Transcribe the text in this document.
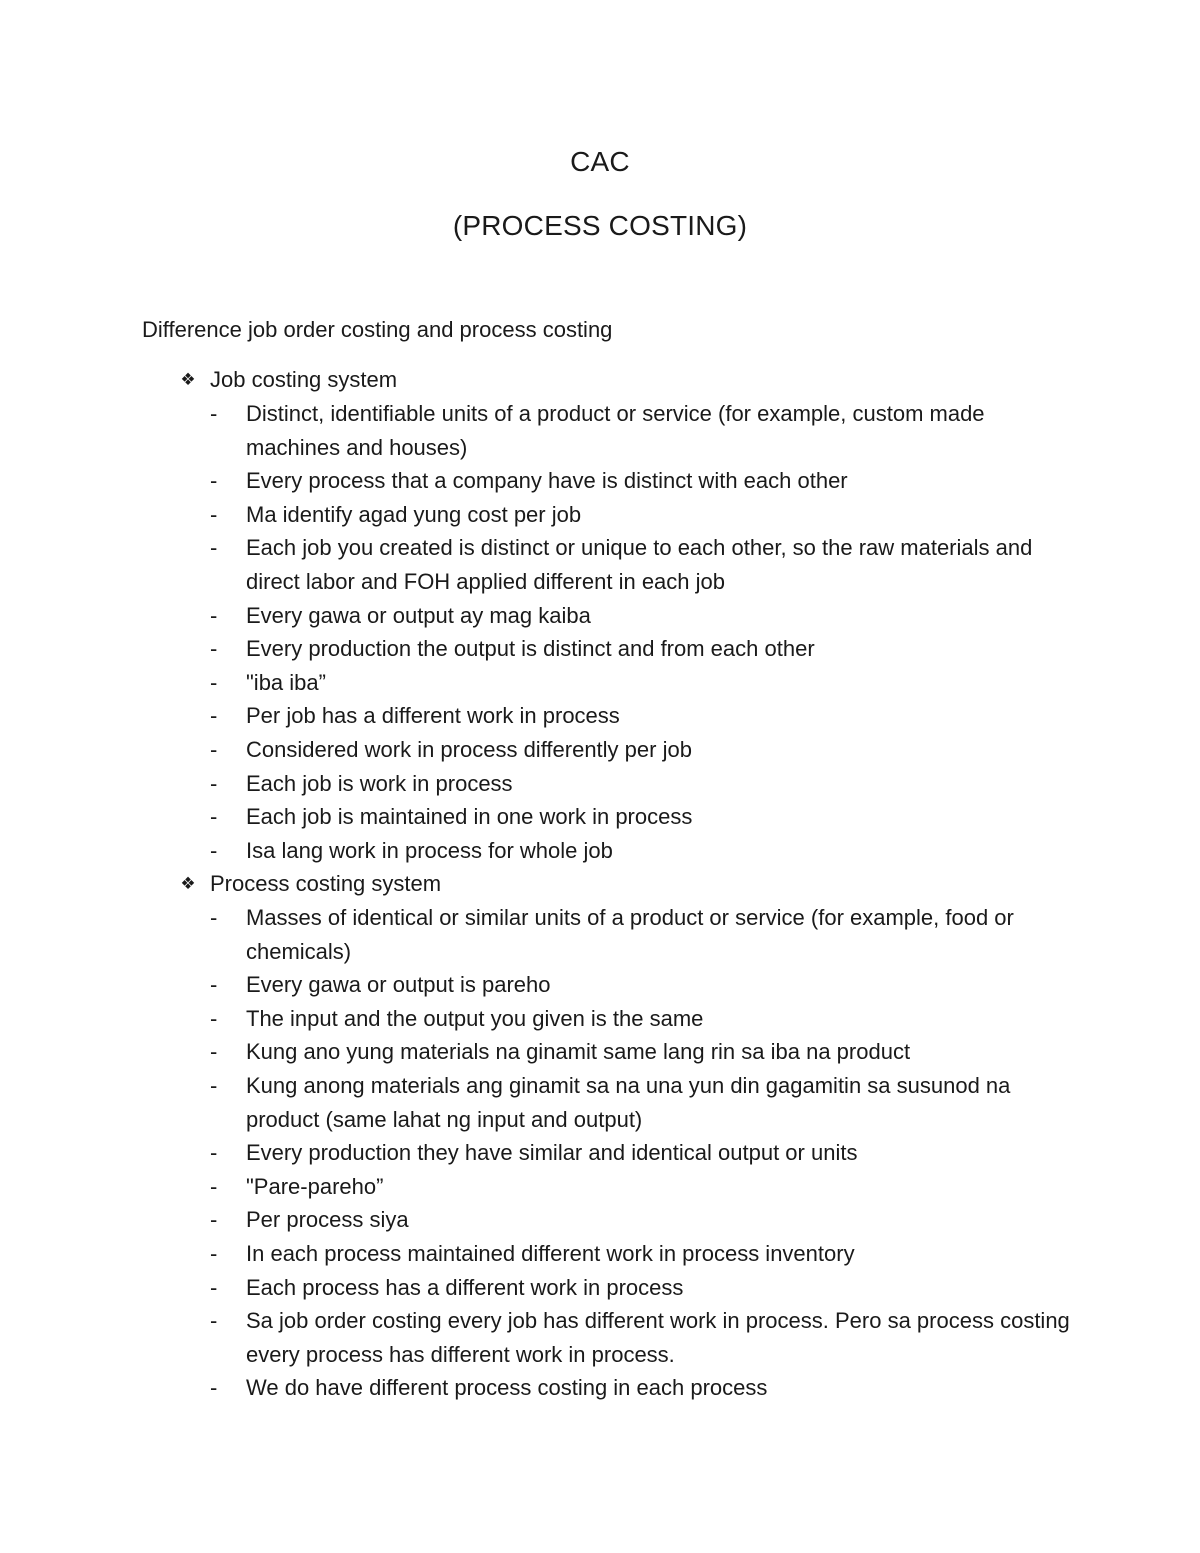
CAC
(PROCESS COSTING)
Difference job order costing and process costing
❖ Job costing system
- Distinct, identifiable units of a product or service (for example, custom made machines and houses)
- Every process that a company have is distinct with each other
- Ma identify agad yung cost per job
- Each job you created is distinct or unique to each other, so the raw materials and direct labor and FOH applied different in each job
- Every gawa or output ay mag kaiba
- Every production the output is distinct and from each other
- "iba iba”
- Per job has a different work in process
- Considered work in process differently per job
- Each job is work in process
- Each job is maintained in one work in process
- Isa lang work in process for whole job
❖ Process costing system
- Masses of identical or similar units of a product or service (for example, food or chemicals)
- Every gawa or output is pareho
- The input and the output you given is the same
- Kung ano yung materials na ginamit same lang rin sa iba na product
- Kung anong materials ang ginamit sa na una yun din gagamitin sa susunod na product (same lahat ng input and output)
- Every production they have similar and identical output or units
- "Pare-pareho”
- Per process siya
- In each process maintained different work in process inventory
- Each process has a different work in process
- Sa job order costing every job has different work in process. Pero sa process costing every process has different work in process.
- We do have different process costing in each process
